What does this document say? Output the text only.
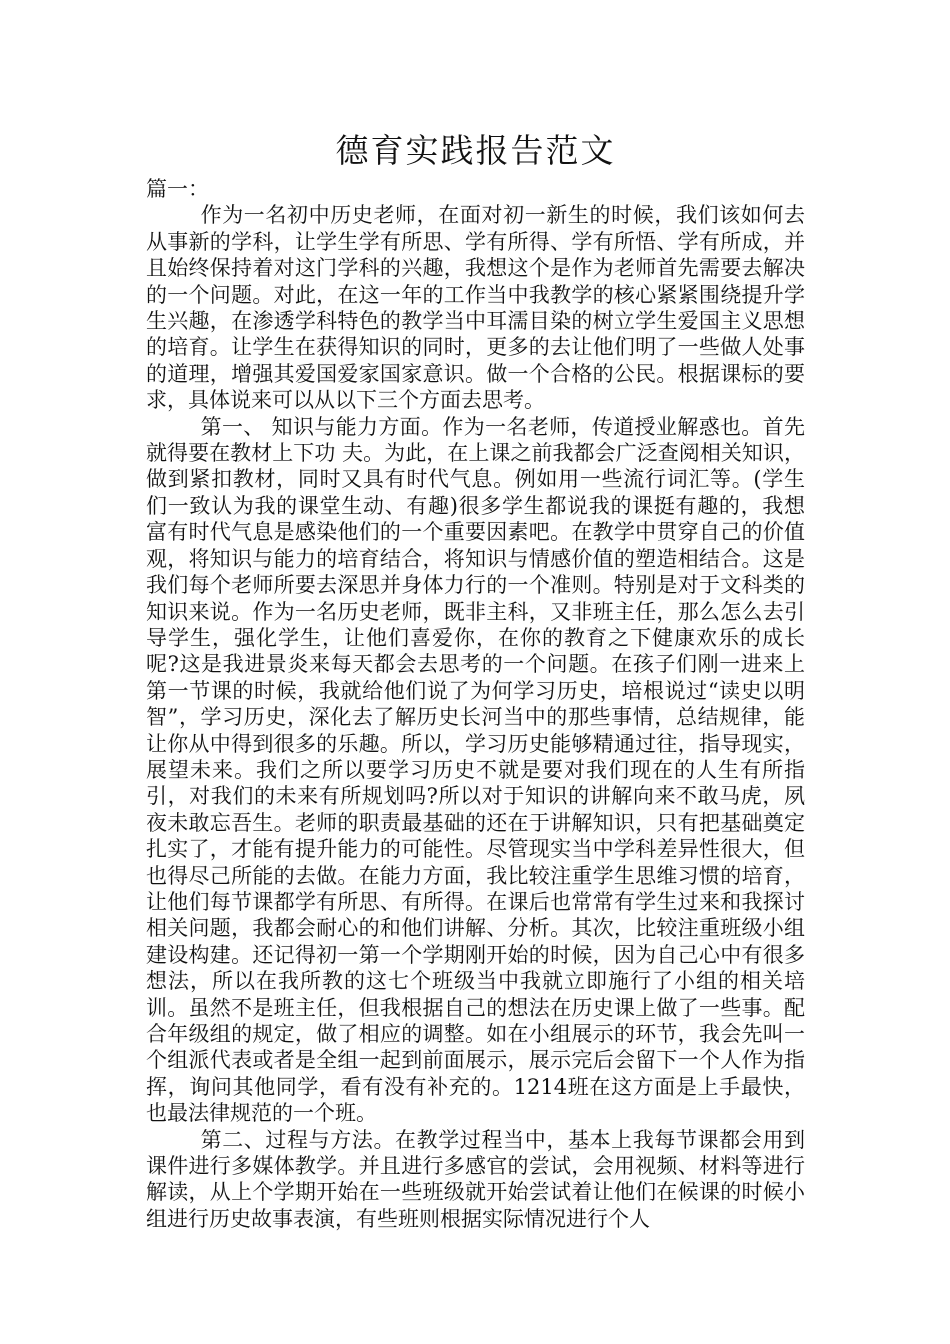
德育实践报告范文

篇一：

作为一名初中历史老师，在面对初一新生的时候，我们该如何去从事新的学科，让学生学有所思、学有所得、学有所悟、学有所成，并且始终保持着对这门学科的兴趣，我想这个是作为老师首先需要去解决的一个问题。对此，在这一年的工作当中我教学的核心紧紧围绕提升学生兴趣，在渗透学科特色的教学当中耳濡目染的树立学生爱国主义思想的培育。让学生在获得知识的同时，更多的去让他们明了一些做人处事的道理，增强其爱国爱家国家意识。做一个合格的公民。根据课标的要求，具体说来可以从以下三个方面去思考。

第一、 知识与能力方面。作为一名老师，传道授业解惑也。首先就得要在教材上下功 夫。为此，在上课之前我都会广泛查阅相关知识，做到紧扣教材，同时又具有时代气息。例如用一些流行词汇等。(学生们一致认为我的课堂生动、有趣)很多学生都说我的课挺有趣的，我想富有时代气息是感染他们的一个重要因素吧。在教学中贯穿自己的价值观，将知识与能力的培育结合，将知识与情感价值的塑造相结合。这是我们每个老师所要去深思并身体力行的一个准则。特别是对于文科类的知识来说。作为一名历史老师，既非主科，又非班主任，那么怎么去引导学生，强化学生，让他们喜爱你，在你的教育之下健康欢乐的成长呢?这是我进景炎来每天都会去思考的一个问题。在孩子们刚一进来上第一节课的时候，我就给他们说了为何学习历史，培根说过“读史以明智”，学习历史，深化去了解历史长河当中的那些事情，总结规律，能让你从中得到很多的乐趣。所以，学习历史能够精通过往，指导现实，展望未来。我们之所以要学习历史不就是要对我们现在的人生有所指引，对我们的未来有所规划吗?所以对于知识的讲解向来不敢马虎，夙夜未敢忘吾生。老师的职责最基础的还在于讲解知识，只有把基础奠定扎实了，才能有提升能力的可能性。尽管现实当中学科差异性很大，但也得尽己所能的去做。在能力方面，我比较注重学生思维习惯的培育，让他们每节课都学有所思、有所得。在课后也常常有学生过来和我探讨相关问题，我都会耐心的和他们讲解、分析。其次，比较注重班级小组建设构建。还记得初一第一个学期刚开始的时候，因为自己心中有很多想法，所以在我所教的这七个班级当中我就立即施行了小组的相关培训。虽然不是班主任，但我根据自己的想法在历史课上做了一些事。配合年级组的规定，做了相应的调整。如在小组展示的环节，我会先叫一个组派代表或者是全组一起到前面展示，展示完后会留下一个人作为指挥，询问其他同学，看有没有补充的。1214班在这方面是上手最快，也最法律规范的一个班。

第二、过程与方法。在教学过程当中，基本上我每节课都会用到课件进行多媒体教学。并且进行多感官的尝试，会用视频、材料等进行解读，从上个学期开始在一些班级就开始尝试着让他们在候课的时候小组进行历史故事表演，有些班则根据实际情况进行个人
